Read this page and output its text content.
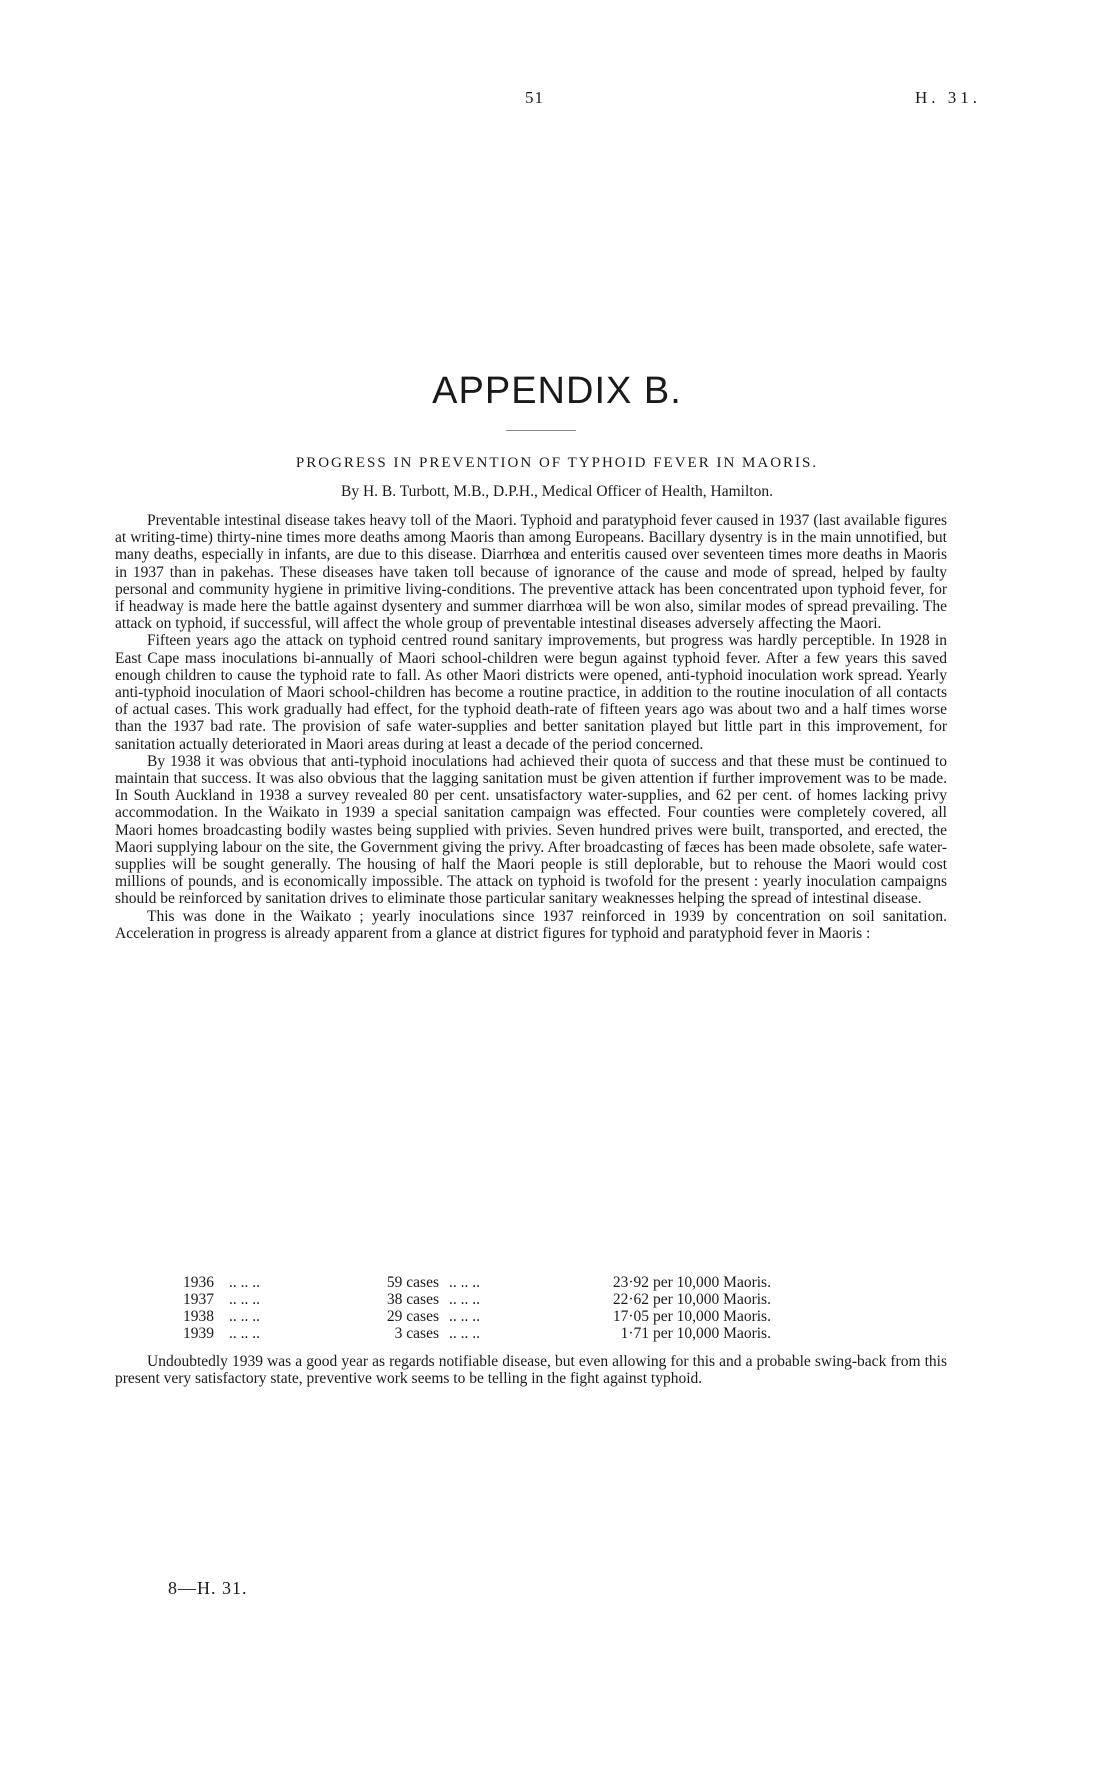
51	H. 31.
APPENDIX B.
PROGRESS IN PREVENTION OF TYPHOID FEVER IN MAORIS.
By H. B. Turbott, M.B., D.P.H., Medical Officer of Health, Hamilton.

Preventable intestinal disease takes heavy toll of the Maori. Typhoid and paratyphoid fever caused in 1937 (last available figures at writing-time) thirty-nine times more deaths among Maoris than among Europeans. Bacillary dysentry is in the main unnotified, but many deaths, especially in infants, are due to this disease. Diarrhœa and enteritis caused over seventeen times more deaths in Maoris in 1937 than in pakehas. These diseases have taken toll because of ignorance of the cause and mode of spread, helped by faulty personal and community hygiene in primitive living-conditions. The preventive attack has been concentrated upon typhoid fever, for if headway is made here the battle against dysentery and summer diarrhœa will be won also, similar modes of spread prevailing. The attack on typhoid, if successful, will affect the whole group of preventable intestinal diseases adversely affecting the Maori.

Fifteen years ago the attack on typhoid centred round sanitary improvements, but progress was hardly perceptible. In 1928 in East Cape mass inoculations bi-annually of Maori school-children were begun against typhoid fever. After a few years this saved enough children to cause the typhoid rate to fall. As other Maori districts were opened, anti-typhoid inoculation work spread. Yearly anti-typhoid inoculation of Maori school-children has become a routine practice, in addition to the routine inoculation of all contacts of actual cases. This work gradually had effect, for the typhoid death-rate of fifteen years ago was about two and a half times worse than the 1937 bad rate. The provision of safe water-supplies and better sanitation played but little part in this improvement, for sanitation actually deteriorated in Maori areas during at least a decade of the period concerned.

By 1938 it was obvious that anti-typhoid inoculations had achieved their quota of success and that these must be continued to maintain that success. It was also obvious that the lagging sanitation must be given attention if further improvement was to be made. In South Auckland in 1938 a survey revealed 80 per cent. unsatisfactory water-supplies, and 62 per cent. of homes lacking privy accommodation. In the Waikato in 1939 a special sanitation campaign was effected. Four counties were completely covered, all Maori homes broadcasting bodily wastes being supplied with privies. Seven hundred prives were built, transported, and erected, the Maori supplying labour on the site, the Government giving the privy. After broadcasting of fæces has been made obsolete, safe water-supplies will be sought generally. The housing of half the Maori people is still deplorable, but to rehouse the Maori would cost millions of pounds, and is economically impossible. The attack on typhoid is twofold for the present : yearly inoculation campaigns should be reinforced by sanitation drives to eliminate those particular sanitary weaknesses helping the spread of intestinal disease.

This was done in the Waikato ; yearly inoculations since 1937 reinforced in 1939 by concentration on soil sanitation. Acceleration in progress is already apparent from a glance at district figures for typhoid and paratyphoid fever in Maoris :

1936	.. .. ..	59 cases	.. .. ..	23·92	per 10,000 Maoris.
1937	.. .. ..	38 cases	.. .. ..	22·62	per 10,000 Maoris.
1938	.. .. ..	29 cases	.. .. ..	17·05	per 10,000 Maoris.
1939	.. .. ..	3 cases	.. .. ..	1·71	per 10,000 Maoris.

Undoubtedly 1939 was a good year as regards notifiable disease, but even allowing for this and a probable swing-back from this present very satisfactory state, preventive work seems to be telling in the fight against typhoid.

8—H. 31.
